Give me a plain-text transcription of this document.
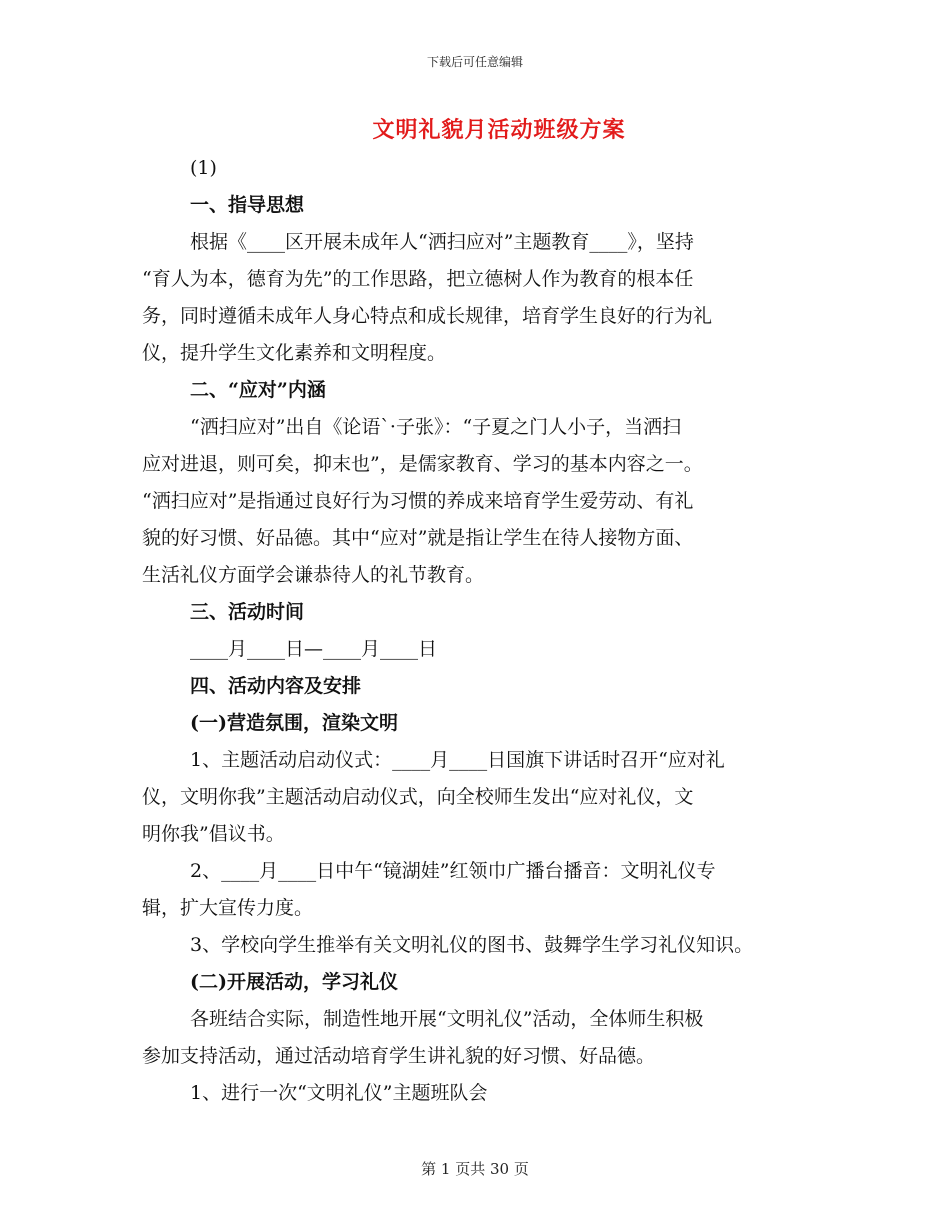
下载后可任意编辑
文明礼貌月活动班级方案
(1)
一、指导思想
根据《____区开展未成年人“洒扫应对”主题教育____》，坚持
“育人为本，德育为先”的工作思路，把立德树人作为教育的根本任
务，同时遵循未成年人身心特点和成长规律，培育学生良好的行为礼
仪，提升学生文化素养和文明程度。
二、“应对”内涵
“洒扫应对”出自《论语`·子张》：“子夏之门人小子，当洒扫
应对进退，则可矣，抑末也”，是儒家教育、学习的基本内容之一。
“洒扫应对”是指通过良好行为习惯的养成来培育学生爱劳动、有礼
貌的好习惯、好品德。其中“应对”就是指让学生在待人接物方面、
生活礼仪方面学会谦恭待人的礼节教育。
三、活动时间
____月____日—____月____日
四、活动内容及安排
(一)营造氛围，渲染文明
1、主题活动启动仪式：____月____日国旗下讲话时召开“应对礼
仪，文明你我”主题活动启动仪式，向全校师生发出“应对礼仪，文
明你我”倡议书。
2、____月____日中午“镜湖娃”红领巾广播台播音：文明礼仪专
辑，扩大宣传力度。
3、学校向学生推举有关文明礼仪的图书、鼓舞学生学习礼仪知识。
(二)开展活动，学习礼仪
各班结合实际，制造性地开展“文明礼仪”活动，全体师生积极
参加支持活动，通过活动培育学生讲礼貌的好习惯、好品德。
1、进行一次“文明礼仪”主题班队会
第 1 页共 30 页
